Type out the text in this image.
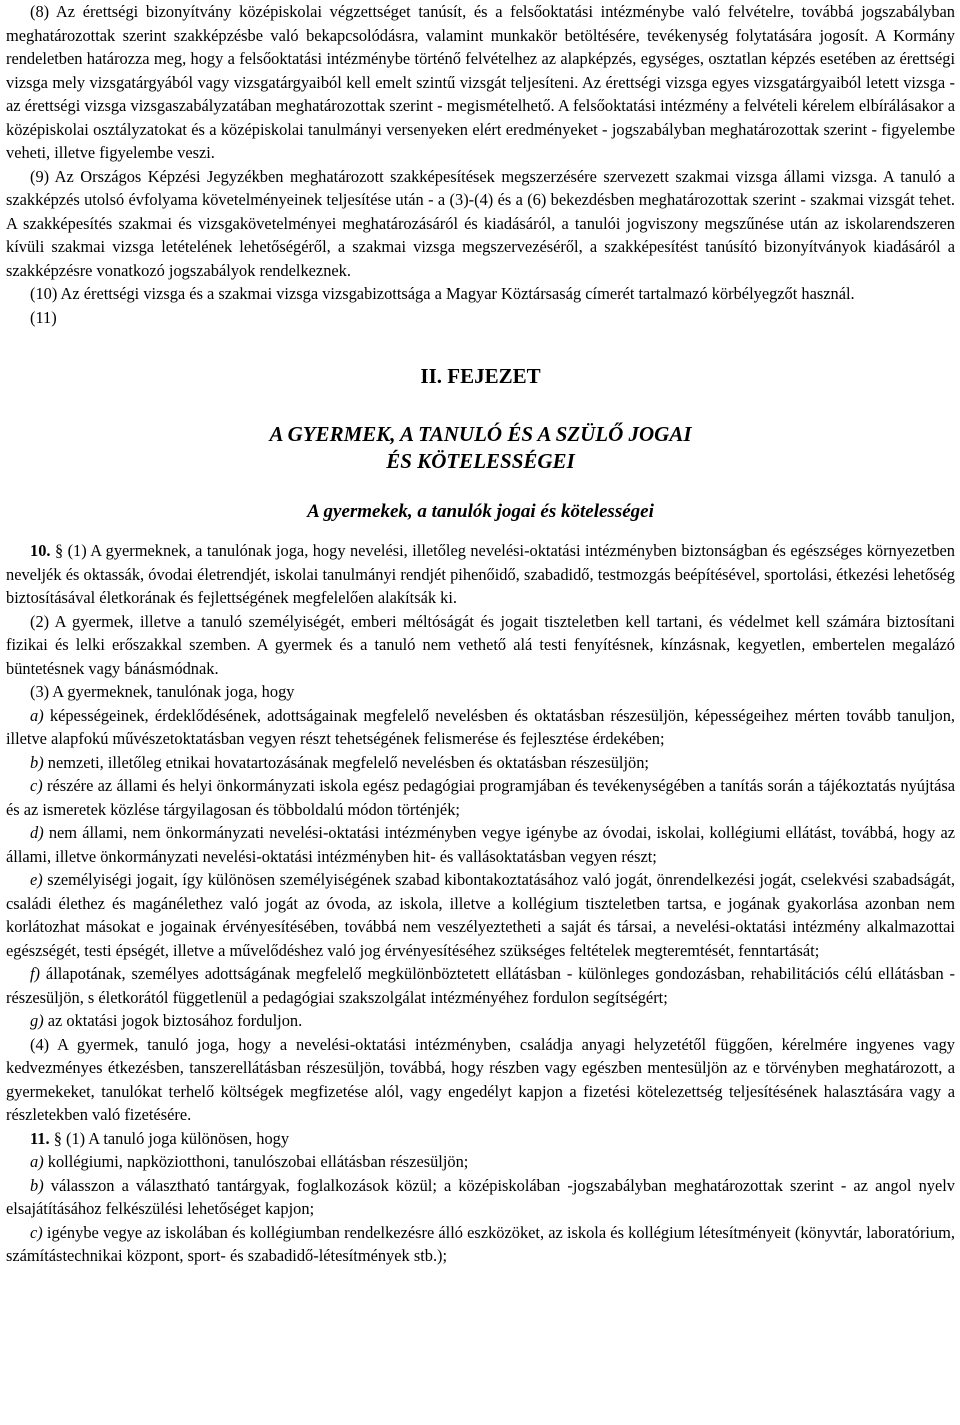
(8) Az érettségi bizonyítvány középiskolai végzettséget tanúsít, és a felsőoktatási intézménybe való felvételre, továbbá jogszabályban meghatározottak szerint szakképzésbe való bekapcsolódásra, valamint munkakör betöltésére, tevékenység folytatására jogosít. A Kormány rendeletben határozza meg, hogy a felsőoktatási intézménybe történő felvételhez az alapképzés, egységes, osztatlan képzés esetében az érettségi vizsga mely vizsgatárgyából vagy vizsgatárgyaiból kell emelt szintű vizsgát teljesíteni. Az érettségi vizsga egyes vizsgatárgyaiból letett vizsga - az érettségi vizsga vizsgaszabályzatában meghatározottak szerint - megismételhető. A felsőoktatási intézmény a felvételi kérelem elbírálásakor a középiskolai osztályzatokat és a középiskolai tanulmányi versenyeken elért eredményeket - jogszabályban meghatározottak szerint - figyelembe veheti, illetve figyelembe veszi.

(9) Az Országos Képzési Jegyzékben meghatározott szakképesítések megszerzésére szervezett szakmai vizsga állami vizsga. A tanuló a szakképzés utolsó évfolyama követelményeinek teljesítése után - a (3)-(4) és a (6) bekezdésben meghatározottak szerint - szakmai vizsgát tehet. A szakképesítés szakmai és vizsgakövetelményei meghatározásáról és kiadásáról, a tanulói jogviszony megszűnése után az iskolarendszeren kívüli szakmai vizsga letételének lehetőségéről, a szakmai vizsga megszervezéséről, a szakképesítést tanúsító bizonyítványok kiadásáról a szakképzésre vonatkozó jogszabályok rendelkeznek.

(10) Az érettségi vizsga és a szakmai vizsga vizsgabizottsága a Magyar Köztársaság címerét tartalmazó körbélyegzőt használ.

(11)

II. FEJEZET
A GYERMEK, A TANULÓ ÉS A SZÜLŐ JOGAI
ÉS KÖTELESSÉGEI
A gyermekek, a tanulók jogai és kötelességei

10. § (1) A gyermeknek, a tanulónak joga, hogy nevelési, illetőleg nevelési-oktatási intézményben biztonságban és egészséges környezetben neveljék és oktassák, óvodai életrendjét, iskolai tanulmányi rendjét pihenőidő, szabadidő, testmozgás beépítésével, sportolási, étkezési lehetőség biztosításával életkorának és fejlettségének megfelelően alakítsák ki.

(2) A gyermek, illetve a tanuló személyiségét, emberi méltóságát és jogait tiszteletben kell tartani, és védelmet kell számára biztosítani fizikai és lelki erőszakkal szemben. A gyermek és a tanuló nem vethető alá testi fenyítésnek, kínzásnak, kegyetlen, embertelen megalázó büntetésnek vagy bánásmódnak.

(3) A gyermeknek, tanulónak joga, hogy

a) képességeinek, érdeklődésének, adottságainak megfelelő nevelésben és oktatásban részesüljön, képességeihez mérten tovább tanuljon, illetve alapfokú művészetoktatásban vegyen részt tehetségének felismerése és fejlesztése érdekében;

b) nemzeti, illetőleg etnikai hovatartozásának megfelelő nevelésben és oktatásban részesüljön;

c) részére az állami és helyi önkormányzati iskola egész pedagógiai programjában és tevékenységében a tanítás során a tájékoztatás nyújtása és az ismeretek közlése tárgyilagosan és többoldalú módon történjék;

d) nem állami, nem önkormányzati nevelési-oktatási intézményben vegye igénybe az óvodai, iskolai, kollégiumi ellátást, továbbá, hogy az állami, illetve önkormányzati nevelési-oktatási intézményben hit- és vallásoktatásban vegyen részt;

e) személyiségi jogait, így különösen személyiségének szabad kibontakoztatásához való jogát, önrendelkezési jogát, cselekvési szabadságát, családi élethez és magánélethez való jogát az óvoda, az iskola, illetve a kollégium tiszteletben tartsa, e jogának gyakorlása azonban nem korlátozhat másokat e jogainak érvényesítésében, továbbá nem veszélyeztetheti a saját és társai, a nevelési-oktatási intézmény alkalmazottai egészségét, testi épségét, illetve a művelődéshez való jog érvényesítéséhez szükséges feltételek megteremtését, fenntartását;

f) állapotának, személyes adottságának megfelelő megkülönböztetett ellátásban - különleges gondozásban, rehabilitációs célú ellátásban - részesüljön, s életkorától függetlenül a pedagógiai szakszolgálat intézményéhez fordulon segítségért;

g) az oktatási jogok biztosához forduljon.

(4) A gyermek, tanuló joga, hogy a nevelési-oktatási intézményben, családja anyagi helyzetétől függően, kérelmére ingyenes vagy kedvezményes étkezésben, tanszerellátásban részesüljön, továbbá, hogy részben vagy egészben mentesüljön az e törvényben meghatározott, a gyermekeket, tanulókat terhelő költségek megfizetése alól, vagy engedélyt kapjon a fizetési kötelezettség teljesítésének halasztására vagy a részletekben való fizetésére.

11. § (1) A tanuló joga különösen, hogy

a) kollégiumi, napköziotthoni, tanulószobai ellátásban részesüljön;

b) válasszon a választható tantárgyak, foglalkozások közül; a középiskolában -jogszabályban meghatározottak szerint - az angol nyelv elsajátításához felkészülési lehetőséget kapjon;

c) igénybe vegye az iskolában és kollégiumban rendelkezésre álló eszközöket, az iskola és kollégium létesítményeit (könyvtár, laboratórium, számítástechnikai központ, sport- és szabadidő-létesítmények stb.);
